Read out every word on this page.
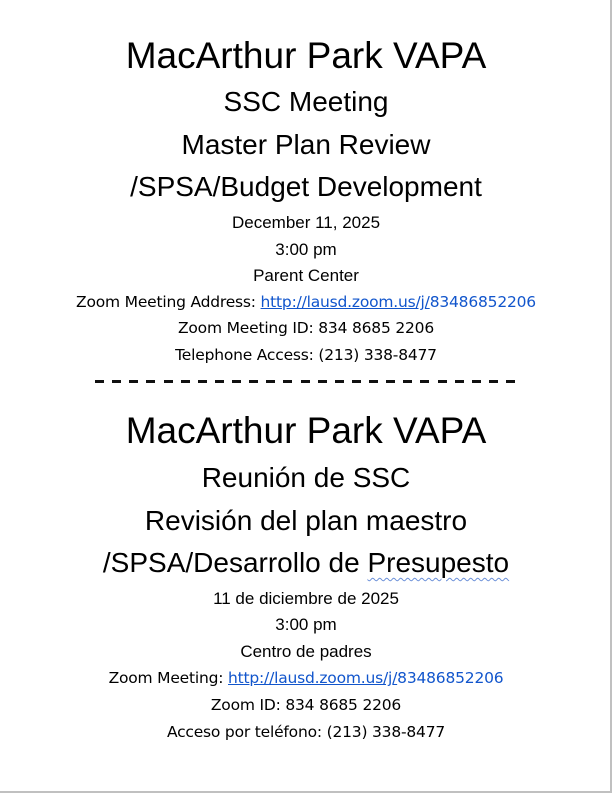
MacArthur Park VAPA
SSC Meeting
Master Plan Review
/SPSA/Budget Development
December 11, 2025
3:00 pm
Parent Center
Zoom Meeting Address: http://lausd.zoom.us/j/83486852206
Zoom Meeting ID: 834 8685 2206
Telephone Access: (213) 338-8477
MacArthur Park VAPA
Reunión de SSC
Revisión del plan maestro
/SPSA/Desarrollo de Presupesto
11 de diciembre de 2025
3:00 pm
Centro de padres
Zoom Meeting: http://lausd.zoom.us/j/83486852206
Zoom ID: 834 8685 2206
Acceso por teléfono: (213) 338-8477
